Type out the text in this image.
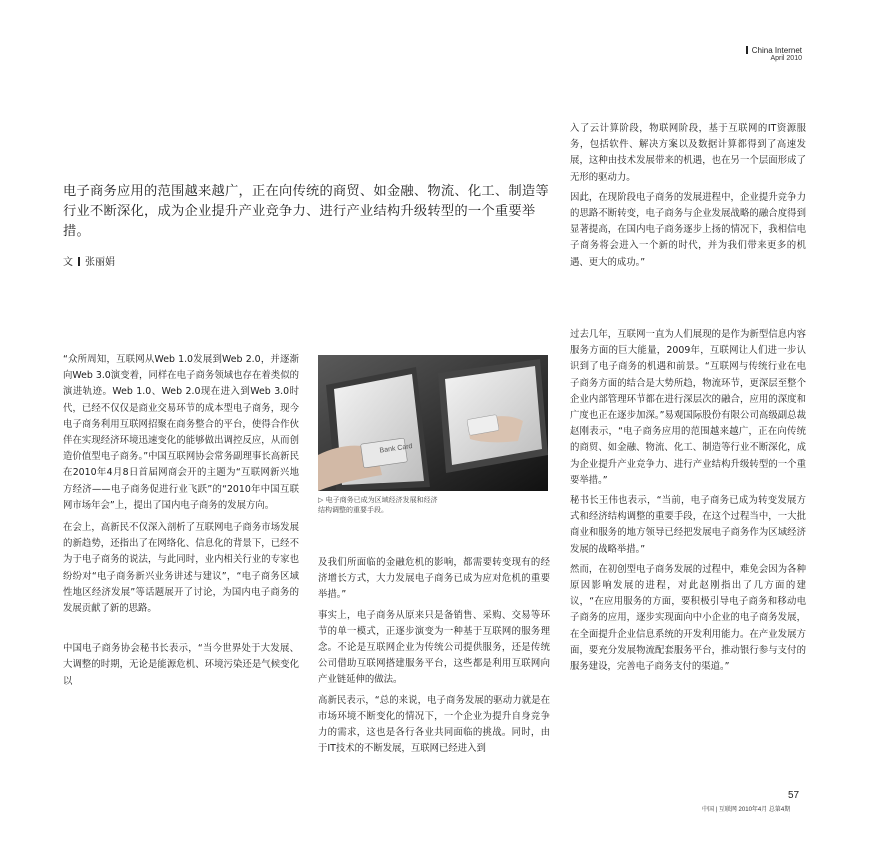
China Internet
April 2010
电子商务应用的范围越来越广，正在向传统的商贸、如金融、物流、化工、制造等行业不断深化，成为企业提升产业竞争力、进行产业结构升级转型的一个重要举措。
文 张丽娟

“众所周知，互联网从Web 1.0发展到Web 2.0，并逐渐向Web 3.0演变着，同样在电子商务领域也存在着类似的演进轨迹。Web 1.0、Web 2.0现在进入到Web 3.0时代，已经不仅仅是商业交易环节的成本型电子商务，现今电子商务利用互联网招聚在商务整合的平台，使得合作伙伴在实现经济环境迅速变化的能够做出调控反应，从而创造价值型电子商务。”中国互联网协会常务副理事长高新民在2010年4月8日首届网商会开的主题为“互联网新兴地方经济——电子商务促进行业飞跃”的“2010年中国互联网市场年会”上，提出了国内电子商务的发展方向。

在会上，高新民不仅深入剖析了互联网电子商务市场发展的新趋势，还指出了在网络化、信息化的背景下，已经不为于电子商务的说法，与此同时，业内相关行业的专家也纷纷对“电子商务新兴业务讲述与建议”，“电子商务区域性地区经济发展”等话题展开了讨论，为国内电子商务的发展贡献了新的思路。

中国电子商务协会秘书长表示，“当今世界处于大发展、大调整的时期，无论是能源危机、环境污染还是气候变化以

Bank Card
▷ 电子商务已成为区域经济发展和经济结构调整的重要手段。

及我们所面临的金融危机的影响，都需要转变现有的经济增长方式，大力发展电子商务已成为应对危机的重要举措。”

事实上，电子商务从原来只是备销售、采购、交易等环节的单一模式，正逐步演变为一种基于互联网的服务理念。不论是互联网企业为传统公司提供服务，还是传统公司借助互联网搭建服务平台，这些都是利用互联网向产业链延伸的做法。

高新民表示，“总的来说，电子商务发展的驱动力就是在市场环境不断变化的情况下，一个企业为提升自身竞争力的需求，这也是各行各业共同面临的挑战。同时，由于IT技术的不断发展，互联网已经进入到

入了云计算阶段，物联网阶段，基于互联网的IT资源服务，包括软件、解决方案以及数据计算都得到了高速发展，这种由技术发展带来的机遇，也在另一个层面形成了无形的驱动力。

因此，在现阶段电子商务的发展进程中，企业提升竞争力的思路不断转变，电子商务与企业发展战略的融合度得到显著提高，在国内电子商务逐步上扬的情况下，我相信电子商务将会进入一个新的时代，并为我们带来更多的机遇、更大的成功。”

过去几年，互联网一直为人们展现的是作为新型信息内容服务方面的巨大能量，2009年，互联网让人们进一步认识到了电子商务的机遇和前景。“互联网与传统行业在电子商务方面的结合是大势所趋，物流环节，更深层至整个企业内部管理环节都在进行深层次的融合，应用的深度和广度也正在逐步加深。”易观国际股份有限公司高级副总裁赵刚表示，“电子商务应用的范围越来越广，正在向传统的商贸、如金融、物流、化工、制造等行业不断深化，成为企业提升产业竞争力、进行产业结构升级转型的一个重要举措。”

秘书长王伟也表示，“当前，电子商务已成为转变发展方式和经济结构调整的重要手段，在这个过程当中，一大批商业和服务的地方领导已经把发展电子商务作为区域经济发展的战略举措。”

然而，在初创型电子商务发展的过程中，难免会因为各种原因影响发展的进程，对此赵刚指出了几方面的建议，“在应用服务的方面，要积极引导电子商务和移动电子商务的应用，逐步实现面向中小企业的电子商务发展，在全面提升企业信息系统的开发利用能力。在产业发展方面，要充分发展物流配套服务平台，推动银行参与支付的服务建设，完善电子商务支付的渠道。”

57
中国 | 互联网 2010年4月 总第4期
